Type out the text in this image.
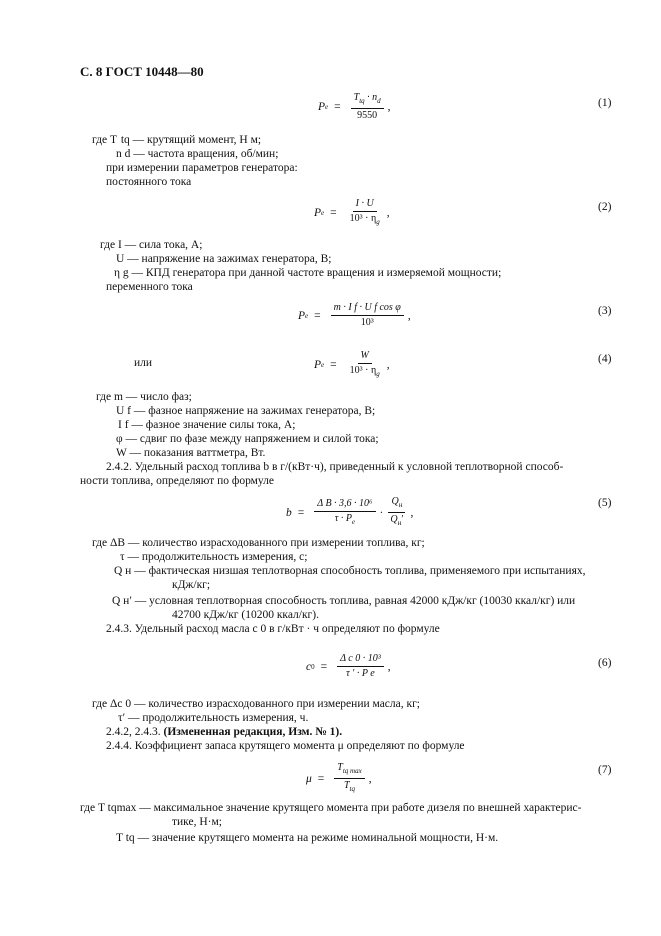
С. 8 ГОСТ 10448—80
P $e = \frac{T_{tq} \cdot n_d}{9550}$ ,	(1)
где T  tq — крутящий момент, Н м;
n d — частота вращения, об/мин;
при измерении параметров генератора:
постоянного тока
P $e = \frac{I \cdot U}{10^3 \cdot \eta_g}$ ,	(2)
где I — сила тока, А;
U — напряжение на зажимах генератора, В;
η g — КПД генератора при данной частоте вращения и измеряемой мощности;
переменного тока
P $e = \frac{\text{m · I f · U f cos φ}}{\text{10³}}$ ,	(3)
или	P $e = \frac{W}{10^3 \cdot \eta_g}$ ,	(4)
где m — число фаз;
U f — фазное напряжение на зажимах генератора, В;
I f — фазное значение силы тока, А;
φ — сдвиг по фазе между напряжением и силой тока;
W — показания ваттметра, Вт.
2.4.2. Удельный расход топлива b в г/(кВт·ч), приведенный к условной теплотворной способ-
ности топлива, определяют по формуле
$b = \frac{\text{Δ B · 3,6 · 10⁶}}{\tau \cdot P_e} \cdot \frac{Q_н}{Q_н'}$ ,
(5)
где ΔB — количество израсходованного при измерении топлива, кг;
τ — продолжительность измерения, с;
Q н — фактическая низшая теплотворная способность топлива, применяемого при испытаниях,
кДж/кг;
Q н′ — условная теплотворная способность топлива, равная 42000 кДж/кг (10030 ккал/кг) или
42700 кДж/кг (10200 ккал/кг).
2.4.3. Удельный расход масла c 0 в г/кВт · ч определяют по формуле
c $0 = \frac{\text{Δ c 0 · 10³}}{\text{τ ′ · P e}}$ ,	(6)
где Δc 0 — количество израсходованного при измерении масла, кг;
τ′ — продолжительность измерения, ч.
2.4.2, 2.4.3. (Измененная редакция, Изм. № 1).
2.4.4. Коэффициент запаса крутящего момента μ определяют по формуле
$\mu = \frac{T_{tq max}}{T_{tq}}$ ,
(7)
где T tqmax — максимальное значение крутящего момента при работе дизеля по внешней характерис-
тике, Н·м;
T tq — значение крутящего момента на режиме номинальной мощности, Н·м.
